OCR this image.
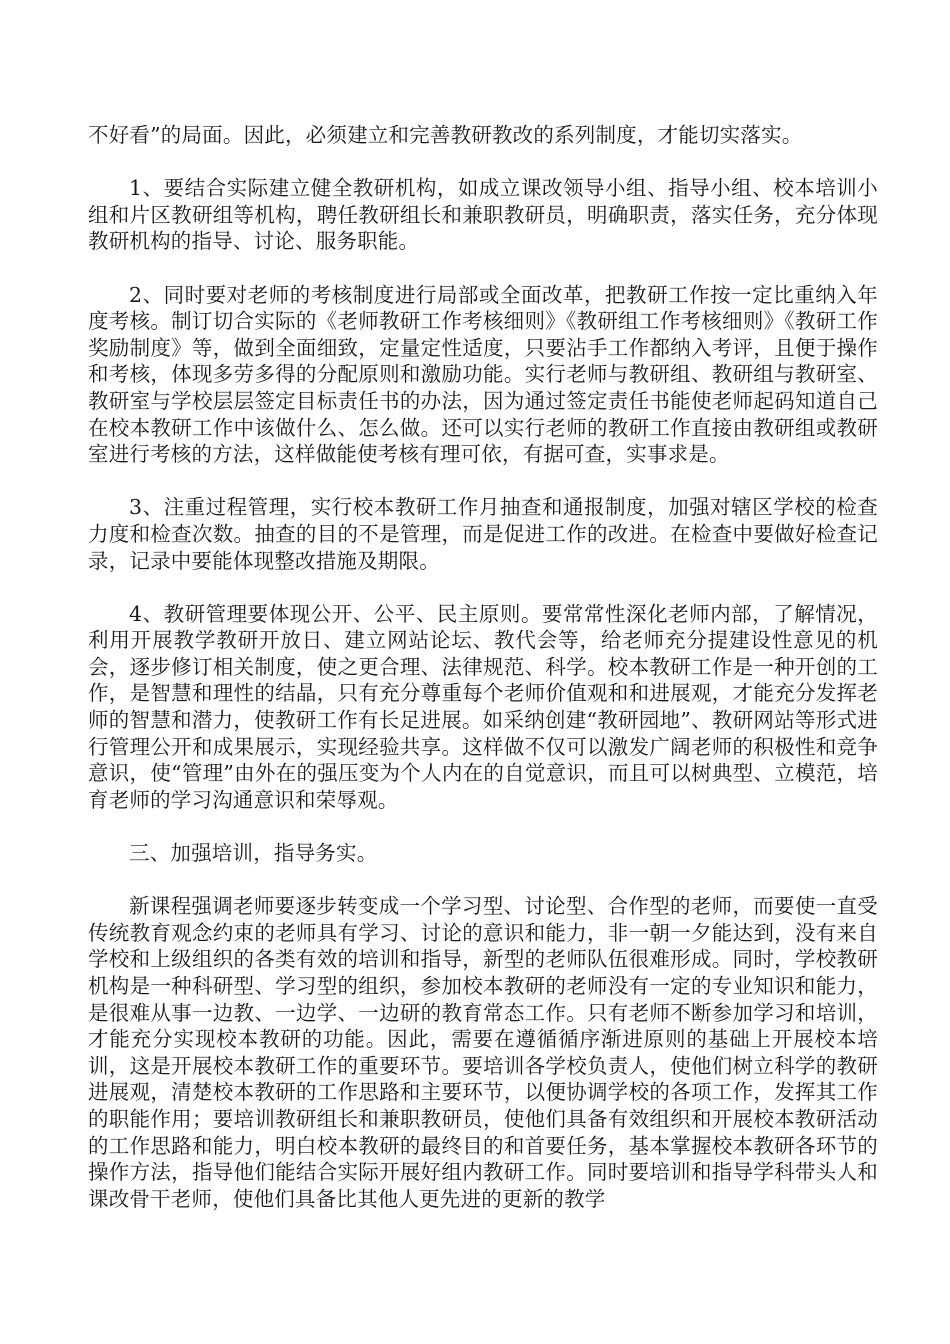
不好看”的局面。因此，必须建立和完善教研教改的系列制度，才能切实落实。

1、要结合实际建立健全教研机构，如成立课改领导小组、指导小组、校本培训小组和片区教研组等机构，聘任教研组长和兼职教研员，明确职责，落实任务，充分体现教研机构的指导、讨论、服务职能。

2、同时要对老师的考核制度进行局部或全面改革，把教研工作按一定比重纳入年度考核。制订切合实际的《老师教研工作考核细则》《教研组工作考核细则》《教研工作奖励制度》等，做到全面细致，定量定性适度，只要沾手工作都纳入考评，且便于操作和考核，体现多劳多得的分配原则和激励功能。实行老师与教研组、教研组与教研室、教研室与学校层层签定目标责任书的办法，因为通过签定责任书能使老师起码知道自己在校本教研工作中该做什么、怎么做。还可以实行老师的教研工作直接由教研组或教研室进行考核的方法，这样做能使考核有理可依，有据可查，实事求是。

3、注重过程管理，实行校本教研工作月抽查和通报制度，加强对辖区学校的检查力度和检查次数。抽查的目的不是管理，而是促进工作的改进。在检查中要做好检查记录，记录中要能体现整改措施及期限。

4、教研管理要体现公开、公平、民主原则。要常常性深化老师内部，了解情况，利用开展教学教研开放日、建立网站论坛、教代会等，给老师充分提建设性意见的机会，逐步修订相关制度，使之更合理、法律规范、科学。校本教研工作是一种开创的工作，是智慧和理性的结晶，只有充分尊重每个老师价值观和和进展观，才能充分发挥老师的智慧和潜力，使教研工作有长足进展。如采纳创建“教研园地”、教研网站等形式进行管理公开和成果展示，实现经验共享。这样做不仅可以激发广阔老师的积极性和竞争意识，使“管理”由外在的强压变为个人内在的自觉意识，而且可以树典型、立模范，培育老师的学习沟通意识和荣辱观。

三、加强培训，指导务实。

新课程强调老师要逐步转变成一个学习型、讨论型、合作型的老师，而要使一直受传统教育观念约束的老师具有学习、讨论的意识和能力，非一朝一夕能达到，没有来自学校和上级组织的各类有效的培训和指导，新型的老师队伍很难形成。同时，学校教研机构是一种科研型、学习型的组织，参加校本教研的老师没有一定的专业知识和能力，是很难从事一边教、一边学、一边研的教育常态工作。只有老师不断参加学习和培训，才能充分实现校本教研的功能。因此，需要在遵循循序渐进原则的基础上开展校本培训，这是开展校本教研工作的重要环节。要培训各学校负责人，使他们树立科学的教研进展观，清楚校本教研的工作思路和主要环节，以便协调学校的各项工作，发挥其工作的职能作用；要培训教研组长和兼职教研员，使他们具备有效组织和开展校本教研活动的工作思路和能力，明白校本教研的最终目的和首要任务，基本掌握校本教研各环节的操作方法，指导他们能结合实际开展好组内教研工作。同时要培训和指导学科带头人和课改骨干老师，使他们具备比其他人更先进的更新的教学
